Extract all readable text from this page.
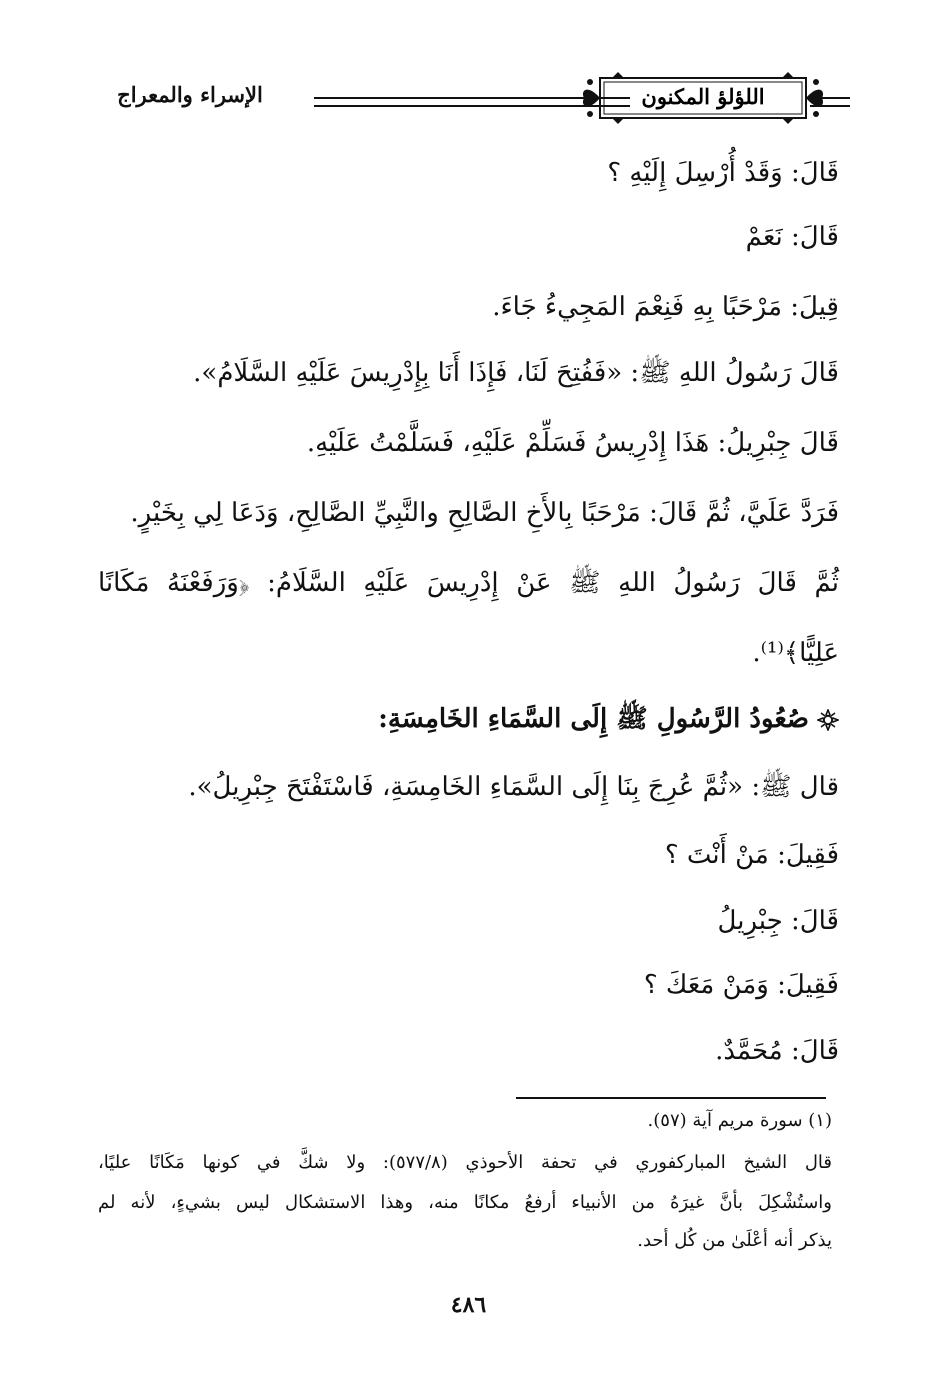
الإسراء والمعراج	اللؤلؤ المكنون
قَالَ: وَقَدْ أُرْسِلَ إِلَيْهِ ؟
قَالَ: نَعَمْ
قِيلَ: مَرْحَبًا بِهِ فَنِعْمَ المَجِيءُ جَاءَ.
قَالَ رَسُولُ اللهِ ﷺ: «فَفُتِحَ لَنَا، فَإِذَا أَنَا بِإِدْرِيسَ عَلَيْهِ السَّلَامُ».
قَالَ جِبْرِيلُ: هَذَا إِدْرِيسُ فَسَلِّمْ عَلَيْهِ، فَسَلَّمْتُ عَلَيْهِ.
فَرَدَّ عَلَيَّ، ثُمَّ قَالَ: مَرْحَبًا بِالأَخِ الصَّالِحِ والنَّبِيِّ الصَّالِحِ، وَدَعَا لِي بِخَيْرٍ.
ثُمَّ قَالَ رَسُولُ اللهِ ﷺ عَنْ إِدْرِيسَ عَلَيْهِ السَّلَامُ: ﴿وَرَفَعْنَهُ مَكَانًا
عَلِيًّا﴾⁽¹⁾.
صُعُودُ الرَّسُولِ ﷺ إِلَى السَّمَاءِ الخَامِسَةِ:
قال ﷺ: «ثُمَّ عُرِجَ بِنَا إِلَى السَّمَاءِ الخَامِسَةِ، فَاسْتَفْتَحَ جِبْرِيلُ».
فَقِيلَ: مَنْ أَنْتَ ؟
قَالَ: جِبْرِيلُ
فَقِيلَ: وَمَنْ مَعَكَ ؟
قَالَ: مُحَمَّدٌ.
(١) سورة مريم آية (٥٧).
قال الشيخ المباركفوري في تحفة الأحوذي (٥٧٧/٨): ولا شكَّ في كونها مَكَانًا عليًا،
واستُشْكِلَ بأنَّ غيرَهُ من الأنبياء أرفعُ مكانًا منه، وهذا الاستشكال ليس بشيءٍ، لأنه لم
يذكر أنه أعْلَىٰ من كُل أحد.
٤٨٦
